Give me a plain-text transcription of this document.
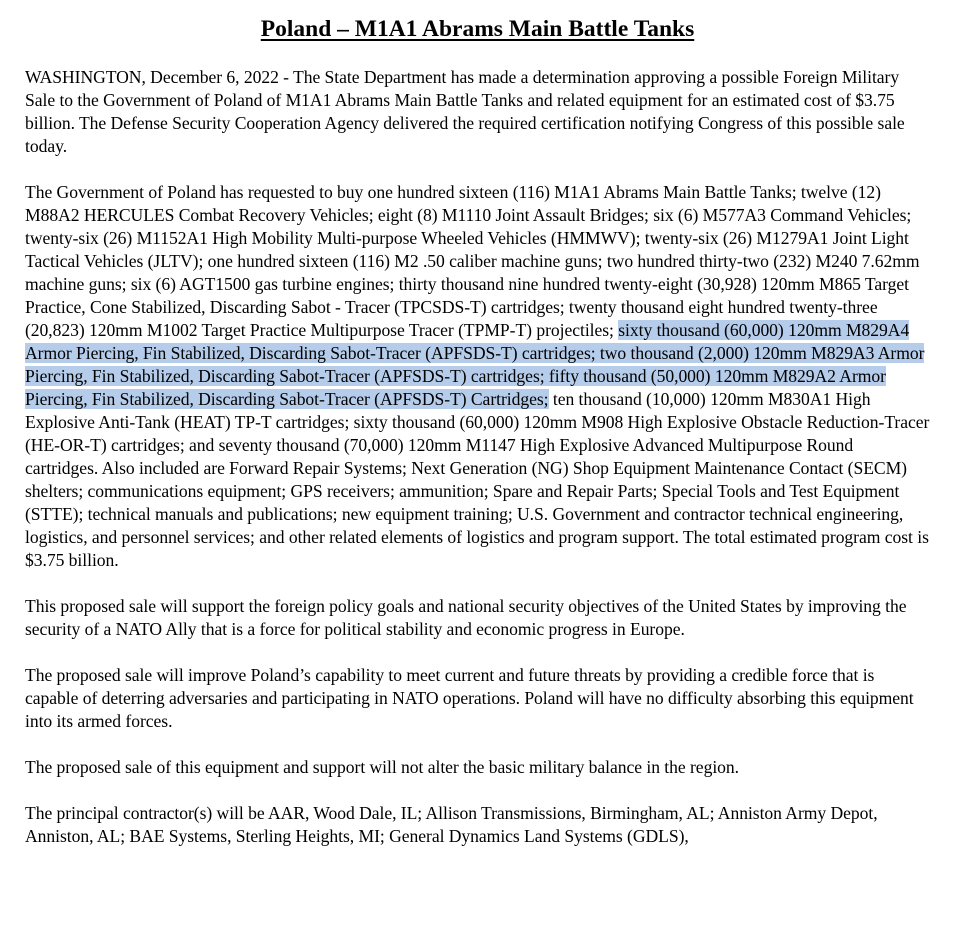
Poland – M1A1 Abrams Main Battle Tanks

WASHINGTON, December 6, 2022 - The State Department has made a determination approving a possible Foreign Military Sale to the Government of Poland of M1A1 Abrams Main Battle Tanks and related equipment for an estimated cost of $3.75 billion. The Defense Security Cooperation Agency delivered the required certification notifying Congress of this possible sale today.

The Government of Poland has requested to buy one hundred sixteen (116) M1A1 Abrams Main Battle Tanks; twelve (12) M88A2 HERCULES Combat Recovery Vehicles; eight (8) M1110 Joint Assault Bridges; six (6) M577A3 Command Vehicles; twenty-six (26) M1152A1 High Mobility Multi-purpose Wheeled Vehicles (HMMWV); twenty-six (26) M1279A1 Joint Light Tactical Vehicles (JLTV); one hundred sixteen (116) M2 .50 caliber machine guns; two hundred thirty-two (232) M240 7.62mm machine guns; six (6) AGT1500 gas turbine engines; thirty thousand nine hundred twenty-eight (30,928) 120mm M865 Target Practice, Cone Stabilized, Discarding Sabot - Tracer (TPCSDS-T) cartridges; twenty thousand eight hundred twenty-three (20,823) 120mm M1002 Target Practice Multipurpose Tracer (TPMP-T) projectiles; sixty thousand (60,000) 120mm M829A4 Armor Piercing, Fin Stabilized, Discarding Sabot-Tracer (APFSDS-T) cartridges; two thousand (2,000) 120mm M829A3 Armor Piercing, Fin Stabilized, Discarding Sabot-Tracer (APFSDS-T) cartridges; fifty thousand (50,000) 120mm M829A2 Armor Piercing, Fin Stabilized, Discarding Sabot-Tracer (APFSDS-T) Cartridges; ten thousand (10,000) 120mm M830A1 High Explosive Anti-Tank (HEAT) TP-T cartridges; sixty thousand (60,000) 120mm M908 High Explosive Obstacle Reduction-Tracer (HE-OR-T) cartridges; and seventy thousand (70,000) 120mm M1147 High Explosive Advanced Multipurpose Round cartridges. Also included are Forward Repair Systems; Next Generation (NG) Shop Equipment Maintenance Contact (SECM) shelters; communications equipment; GPS receivers; ammunition; Spare and Repair Parts; Special Tools and Test Equipment (STTE); technical manuals and publications; new equipment training; U.S. Government and contractor technical engineering, logistics, and personnel services; and other related elements of logistics and program support. The total estimated program cost is $3.75 billion.

This proposed sale will support the foreign policy goals and national security objectives of the United States by improving the security of a NATO Ally that is a force for political stability and economic progress in Europe.

The proposed sale will improve Poland’s capability to meet current and future threats by providing a credible force that is capable of deterring adversaries and participating in NATO operations. Poland will have no difficulty absorbing this equipment into its armed forces.

The proposed sale of this equipment and support will not alter the basic military balance in the region.

The principal contractor(s) will be AAR, Wood Dale, IL; Allison Transmissions, Birmingham, AL; Anniston Army Depot, Anniston, AL; BAE Systems, Sterling Heights, MI; General Dynamics Land Systems (GDLS),
